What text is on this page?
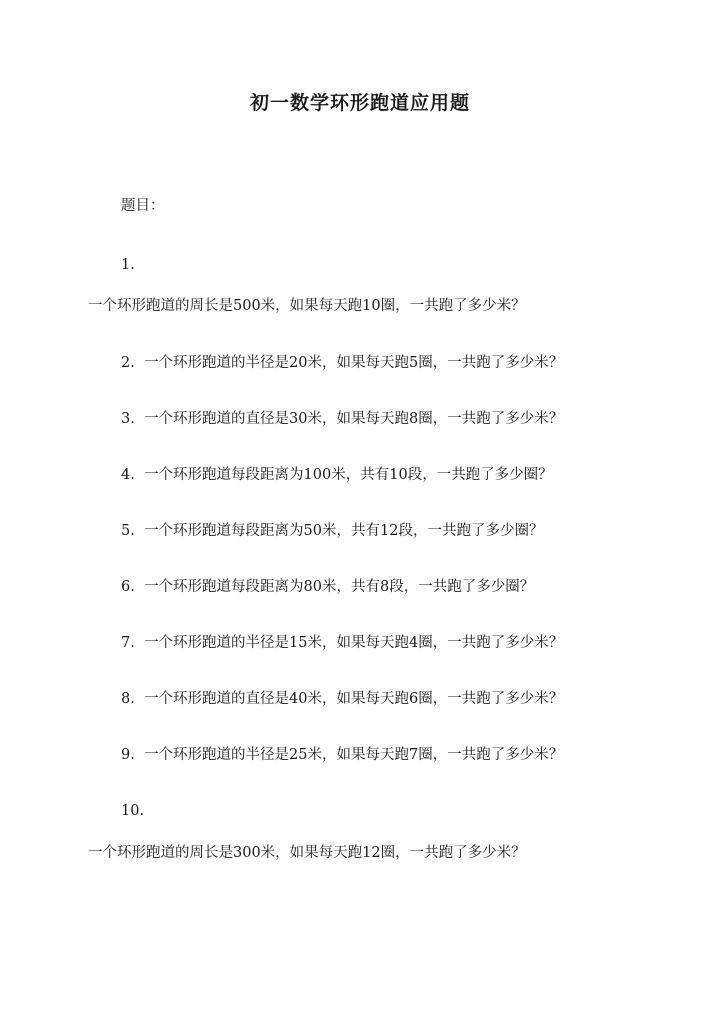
初一数学环形跑道应用题
题目：
1.
一个环形跑道的周长是500米，如果每天跑10圈，一共跑了多少米？
2. 一个环形跑道的半径是20米，如果每天跑5圈，一共跑了多少米？
3. 一个环形跑道的直径是30米，如果每天跑8圈，一共跑了多少米？
4. 一个环形跑道每段距离为100米，共有10段，一共跑了多少圈？
5. 一个环形跑道每段距离为50米，共有12段，一共跑了多少圈？
6. 一个环形跑道每段距离为80米，共有8段，一共跑了多少圈？
7. 一个环形跑道的半径是15米，如果每天跑4圈，一共跑了多少米？
8. 一个环形跑道的直径是40米，如果每天跑6圈，一共跑了多少米？
9. 一个环形跑道的半径是25米，如果每天跑7圈，一共跑了多少米？
10.
一个环形跑道的周长是300米，如果每天跑12圈，一共跑了多少米？
